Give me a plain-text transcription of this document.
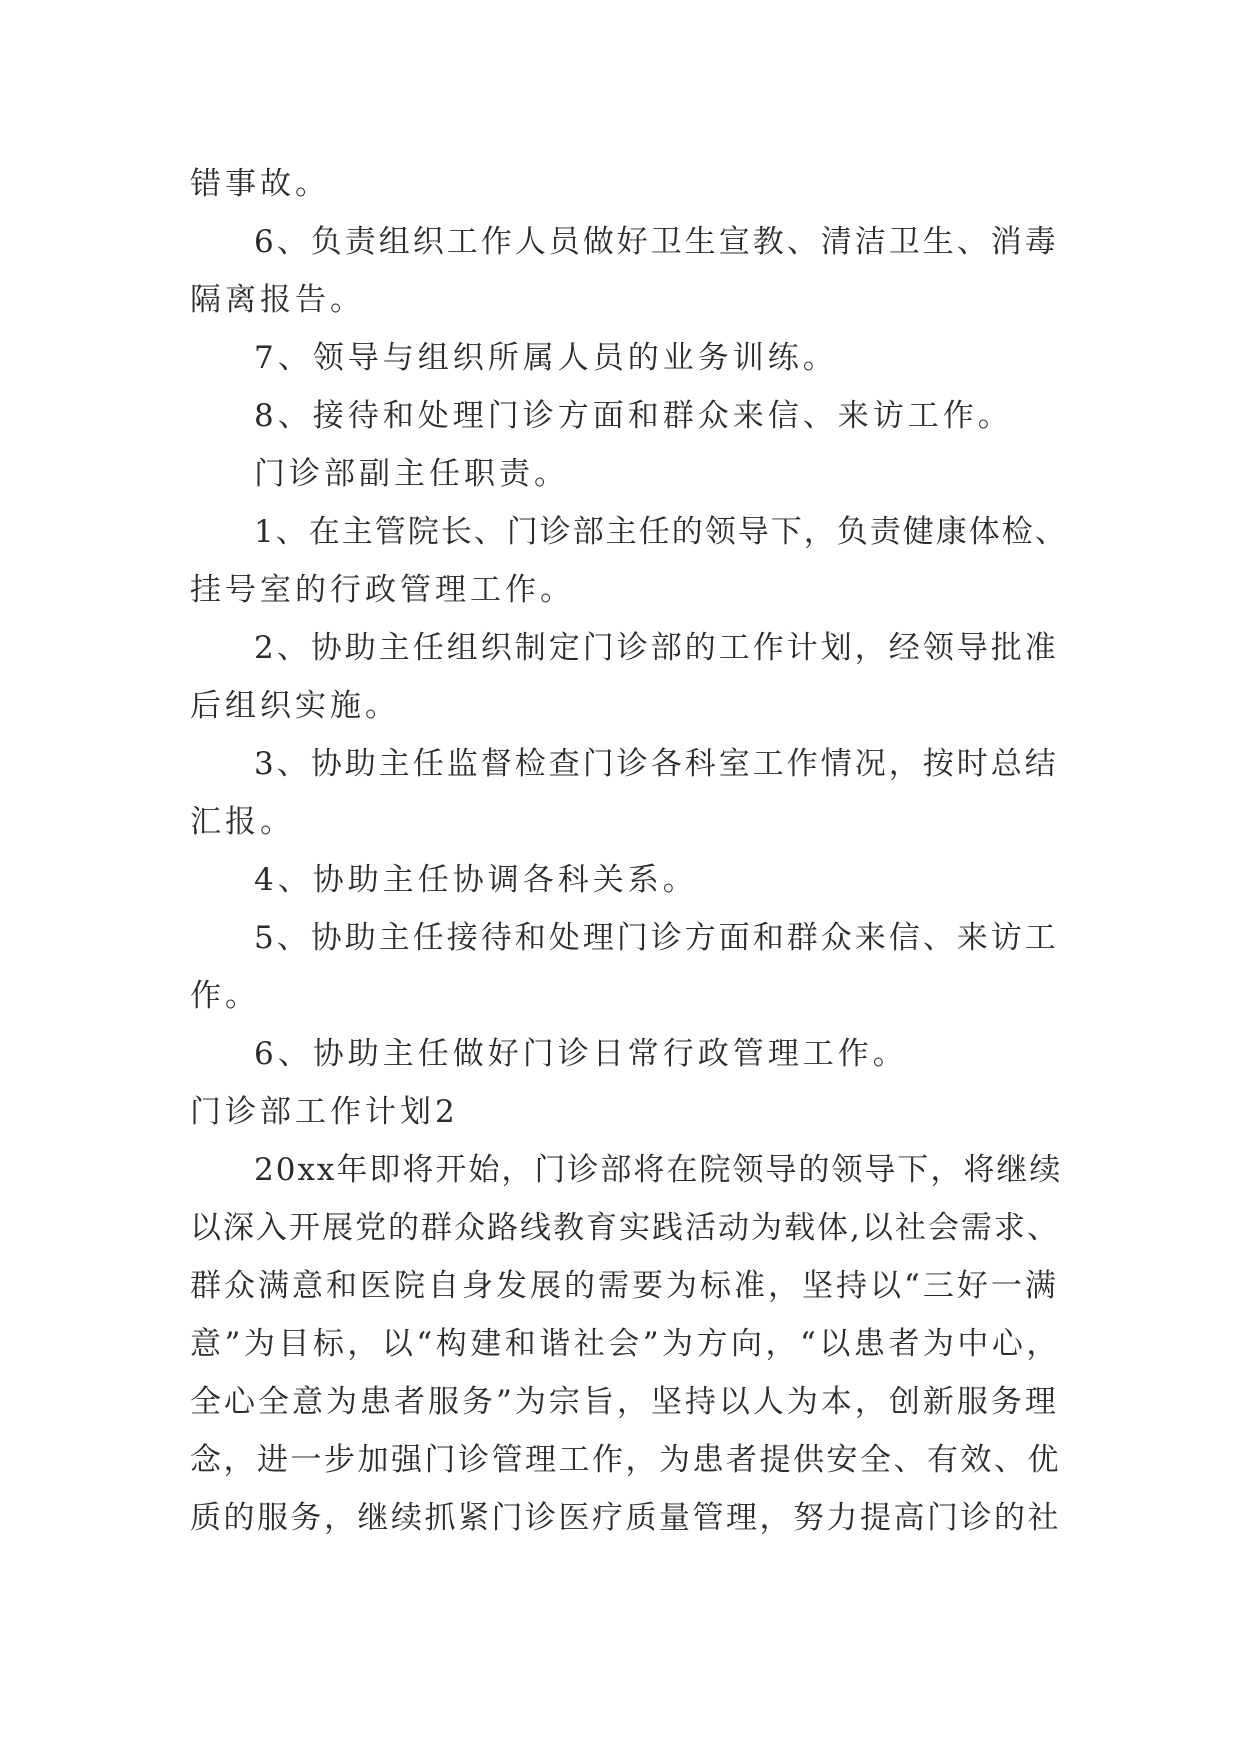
错事故。
6、负责组织工作人员做好卫生宣教、清洁卫生、消毒
隔离报告。
7、领导与组织所属人员的业务训练。
8、接待和处理门诊方面和群众来信、来访工作。
门诊部副主任职责。
1、在主管院长、门诊部主任的领导下，负责健康体检、
挂号室的行政管理工作。
2、协助主任组织制定门诊部的工作计划，经领导批准
后组织实施。
3、协助主任监督检查门诊各科室工作情况，按时总结
汇报。
4、协助主任协调各科关系。
5、协助主任接待和处理门诊方面和群众来信、来访工
作。
6、协助主任做好门诊日常行政管理工作。
门诊部工作计划2
20xx年即将开始，门诊部将在院领导的领导下，将继续
以深入开展党的群众路线教育实践活动为载体,以社会需求、
群众满意和医院自身发展的需要为标准，坚持以“三好一满
意”为目标，以“构建和谐社会”为方向，“以患者为中心，
全心全意为患者服务”为宗旨，坚持以人为本，创新服务理
念，进一步加强门诊管理工作，为患者提供安全、有效、优
质的服务，继续抓紧门诊医疗质量管理，努力提高门诊的社
